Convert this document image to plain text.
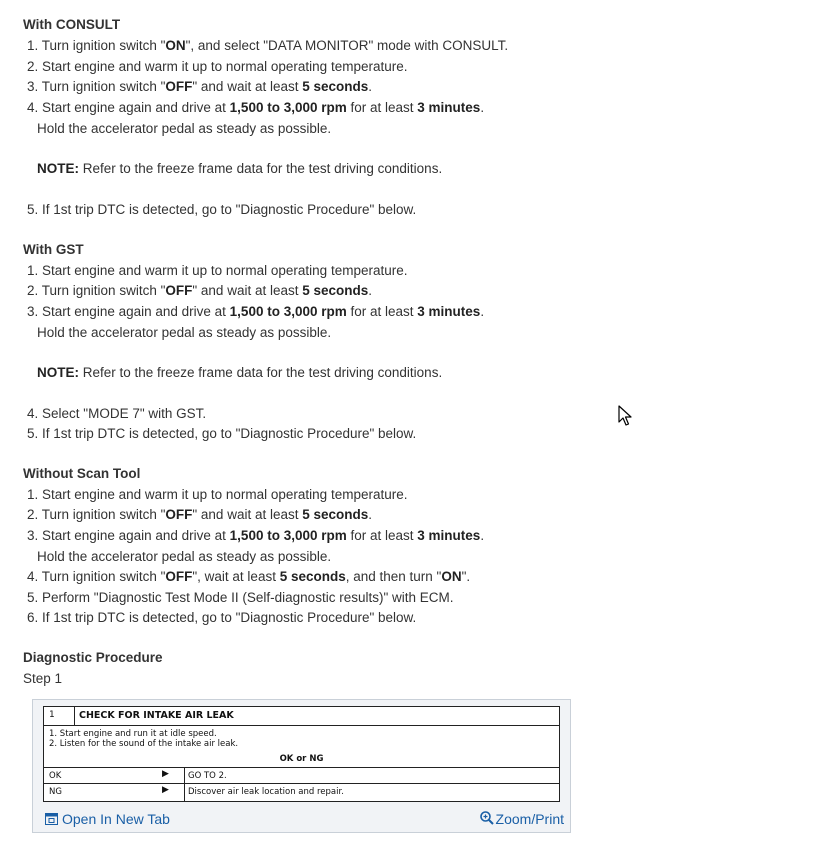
With CONSULT
1. Turn ignition switch "ON", and select "DATA MONITOR" mode with CONSULT.
2. Start engine and warm it up to normal operating temperature.
3. Turn ignition switch "OFF" and wait at least 5 seconds.
4. Start engine again and drive at 1,500 to 3,000 rpm for at least 3 minutes.
Hold the accelerator pedal as steady as possible.
NOTE: Refer to the freeze frame data for the test driving conditions.
5. If 1st trip DTC is detected, go to "Diagnostic Procedure" below.
With GST
1. Start engine and warm it up to normal operating temperature.
2. Turn ignition switch "OFF" and wait at least 5 seconds.
3. Start engine again and drive at 1,500 to 3,000 rpm for at least 3 minutes.
Hold the accelerator pedal as steady as possible.
NOTE: Refer to the freeze frame data for the test driving conditions.
4. Select "MODE 7" with GST.
5. If 1st trip DTC is detected, go to "Diagnostic Procedure" below.
Without Scan Tool
1. Start engine and warm it up to normal operating temperature.
2. Turn ignition switch "OFF" and wait at least 5 seconds.
3. Start engine again and drive at 1,500 to 3,000 rpm for at least 3 minutes.
Hold the accelerator pedal as steady as possible.
4. Turn ignition switch "OFF", wait at least 5 seconds, and then turn "ON".
5. Perform "Diagnostic Test Mode II (Self-diagnostic results)" with ECM.
6. If 1st trip DTC is detected, go to "Diagnostic Procedure" below.
Diagnostic Procedure
Step 1
1	CHECK FOR INTAKE AIR LEAK
1. Start engine and run it at idle speed.
2. Listen for the sound of the intake air leak.
OK or NG
OK	▶ GO TO 2.
NG	▶ Discover air leak location and repair.
Open In New Tab	Zoom/Print
